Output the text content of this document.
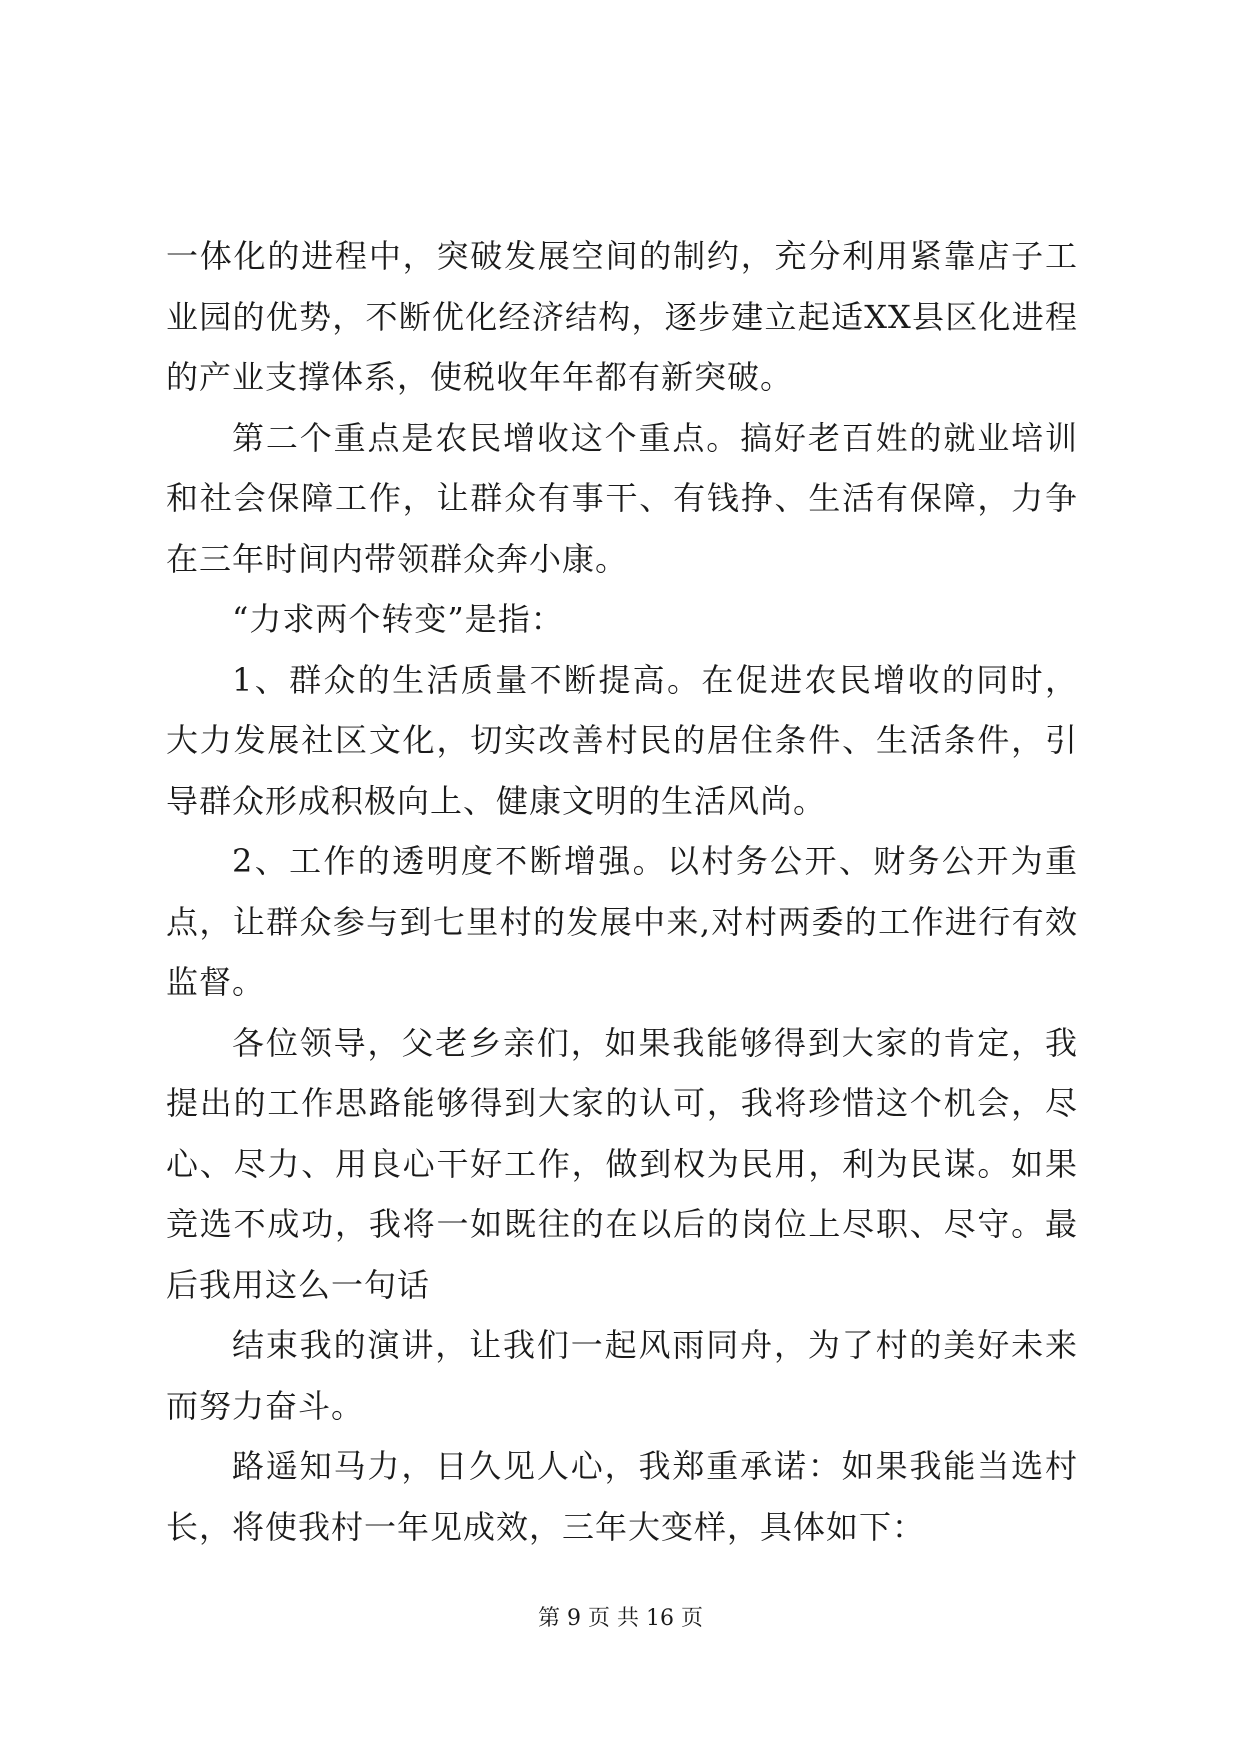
一体化的进程中，突破发展空间的制约，充分利用紧靠店子工业园的优势，不断优化经济结构，逐步建立起适XX县区化进程的产业支撑体系，使税收年年都有新突破。

第二个重点是农民增收这个重点。搞好老百姓的就业培训和社会保障工作，让群众有事干、有钱挣、生活有保障，力争在三年时间内带领群众奔小康。

“力求两个转变”是指：

1、群众的生活质量不断提高。在促进农民增收的同时，大力发展社区文化，切实改善村民的居住条件、生活条件，引导群众形成积极向上、健康文明的生活风尚。

2、工作的透明度不断增强。以村务公开、财务公开为重点，让群众参与到七里村的发展中来,对村两委的工作进行有效监督。

各位领导，父老乡亲们，如果我能够得到大家的肯定，我提出的工作思路能够得到大家的认可，我将珍惜这个机会，尽心、尽力、用良心干好工作，做到权为民用，利为民谋。如果竞选不成功，我将一如既往的在以后的岗位上尽职、尽守。最后我用这么一句话

结束我的演讲，让我们一起风雨同舟，为了村的美好未来而努力奋斗。

路遥知马力，日久见人心，我郑重承诺：如果我能当选村长，将使我村一年见成效，三年大变样，具体如下：

第 9 页 共 16 页
